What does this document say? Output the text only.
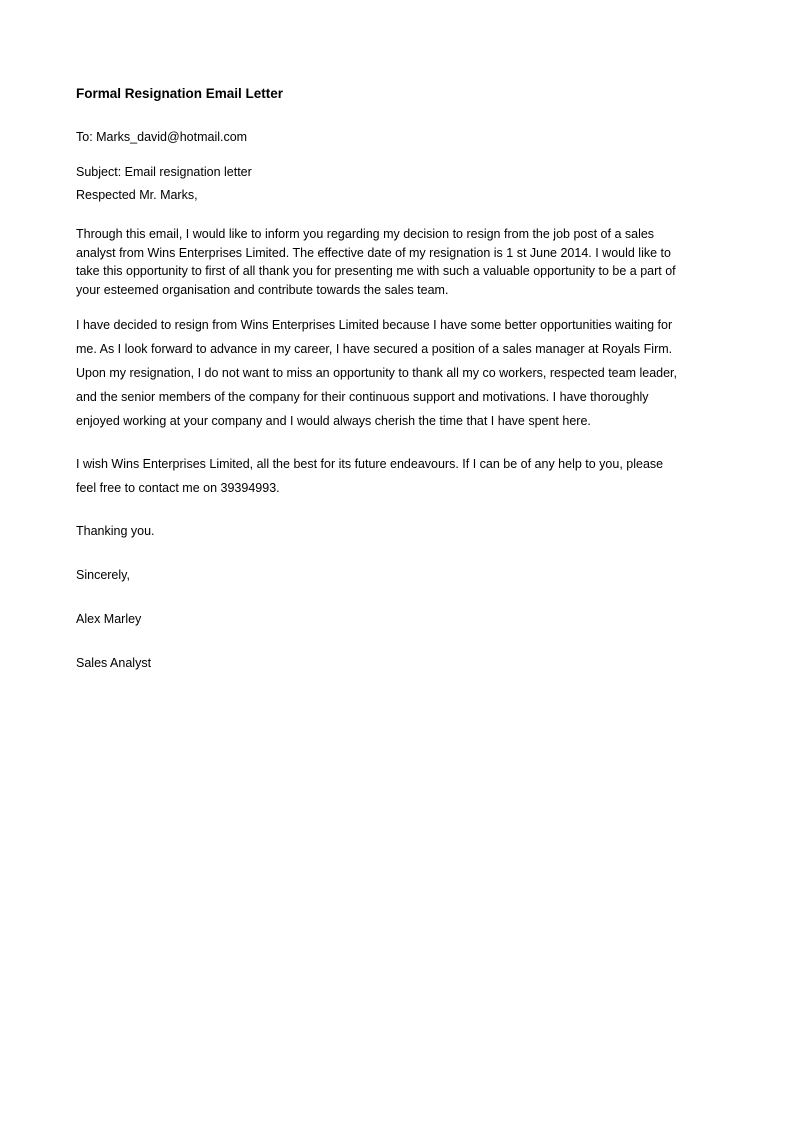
Formal Resignation Email Letter
To: Marks_david@hotmail.com
Subject: Email resignation letter
Respected Mr. Marks,
Through this email, I would like to inform you regarding my decision to resign from the job post of a sales
analyst from Wins Enterprises Limited. The effective date of my resignation is 1 st June 2014. I would like to
take this opportunity to first of all thank you for presenting me with such a valuable opportunity to be a part of
your esteemed organisation and contribute towards the sales team.
I have decided to resign from Wins Enterprises Limited because I have some better opportunities waiting for
me. As I look forward to advance in my career, I have secured a position of a sales manager at Royals Firm.
Upon my resignation, I do not want to miss an opportunity to thank all my co workers, respected team leader,
and the senior members of the company for their continuous support and motivations. I have thoroughly
enjoyed working at your company and I would always cherish the time that I have spent here.
I wish Wins Enterprises Limited, all the best for its future endeavours. If I can be of any help to you, please
feel free to contact me on 39394993.
Thanking you.
Sincerely,
Alex Marley
Sales Analyst
